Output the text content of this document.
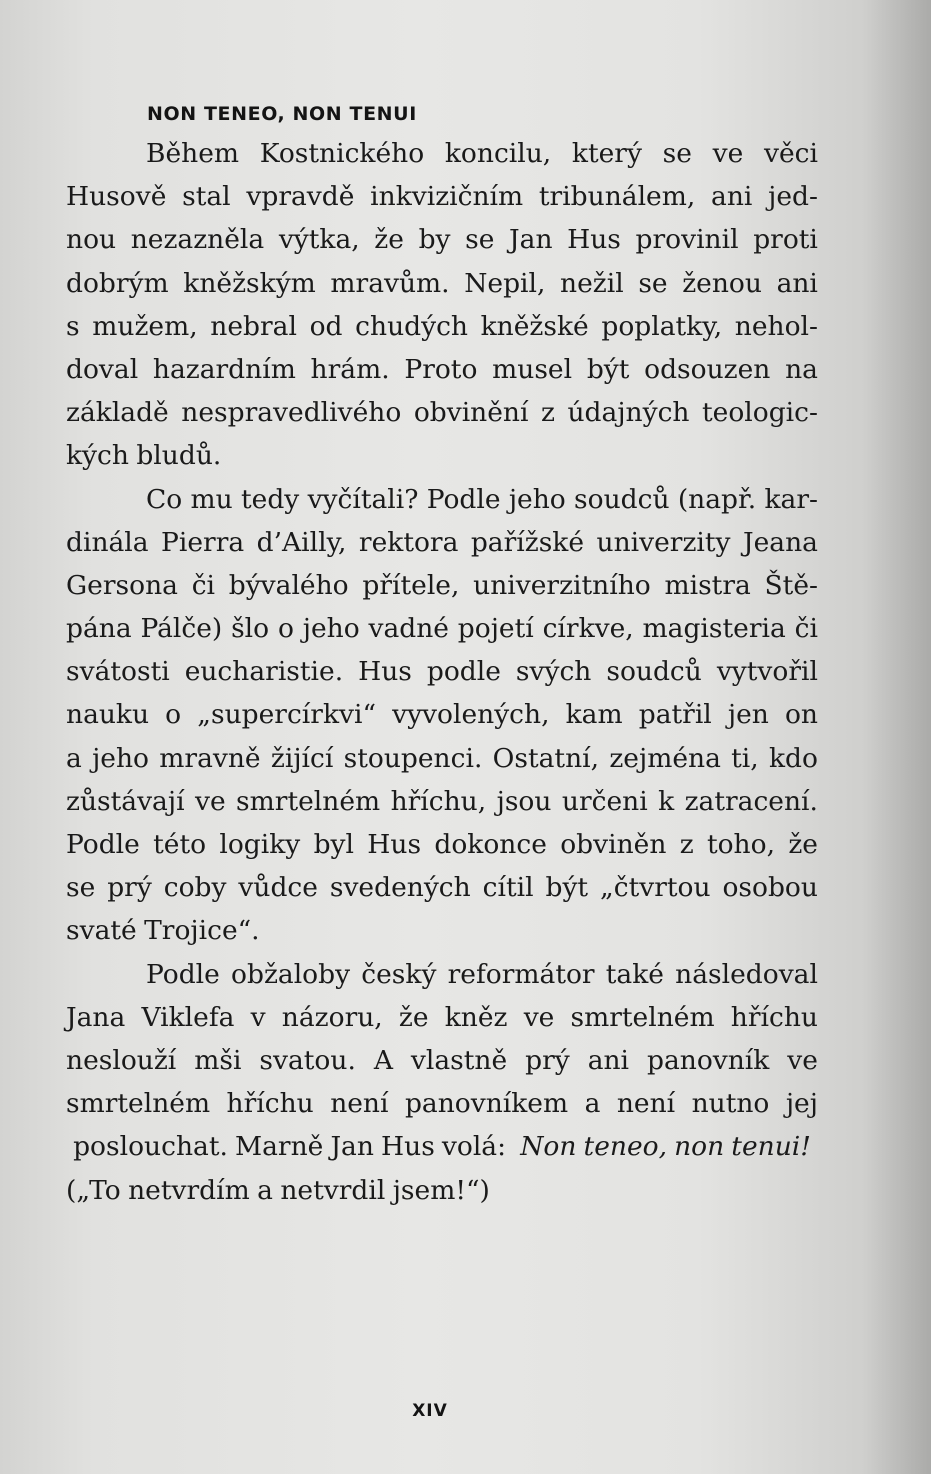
NON TENEO, NON TENUI
Během Kostnického koncilu, který se ve věci
Husově stal vpravdě inkvizičním tribunálem, ani jed-
nou nezazněla výtka, že by se Jan Hus provinil proti
dobrým kněžským mravům. Nepil, nežil se ženou ani
s mužem, nebral od chudých kněžské poplatky, nehol-
doval hazardním hrám. Proto musel být odsouzen na
základě nespravedlivého obvinění z údajných teologic-
kých bludů.
Co mu tedy vyčítali? Podle jeho soudců (např. kar-
dinála Pierra d’Ailly, rektora pařížské univerzity Jeana
Gersona či bývalého přítele, univerzitního mistra Ště-
pána Pálče) šlo o jeho vadné pojetí církve, magisteria či
svátosti eucharistie. Hus podle svých soudců vytvořil
nauku o „supercírkvi“ vyvolených, kam patřil jen on
a jeho mravně žijící stoupenci. Ostatní, zejména ti, kdo
zůstávají ve smrtelném hříchu, jsou určeni k zatracení.
Podle této logiky byl Hus dokonce obviněn z toho, že
se prý coby vůdce svedených cítil být „čtvrtou osobou
svaté Trojice“.
Podle obžaloby český reformátor také následoval
Jana Viklefa v názoru, že kněz ve smrtelném hříchu
neslouží mši svatou. A vlastně prý ani panovník ve
smrtelném hříchu není panovníkem a není nutno jej
poslouchat. Marně Jan Hus volá: Non teneo, non tenui!
(„To netvrdím a netvrdil jsem!“)
XIV
